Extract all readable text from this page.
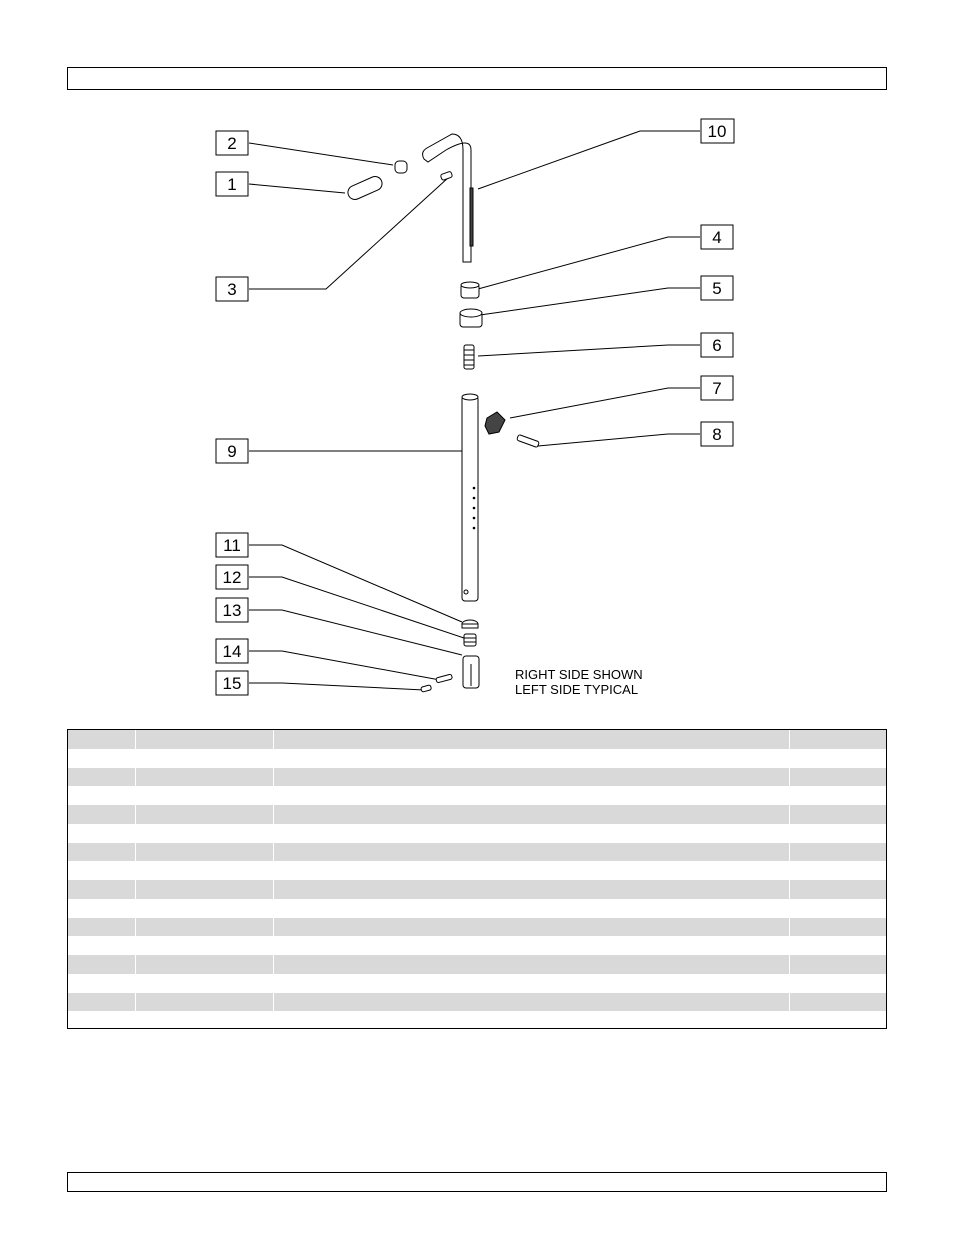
1
2
3
4
5
6
7
8
9
10
11
12
13
14
15	RIGHT SIDE SHOWN
LEFT SIDE TYPICAL
